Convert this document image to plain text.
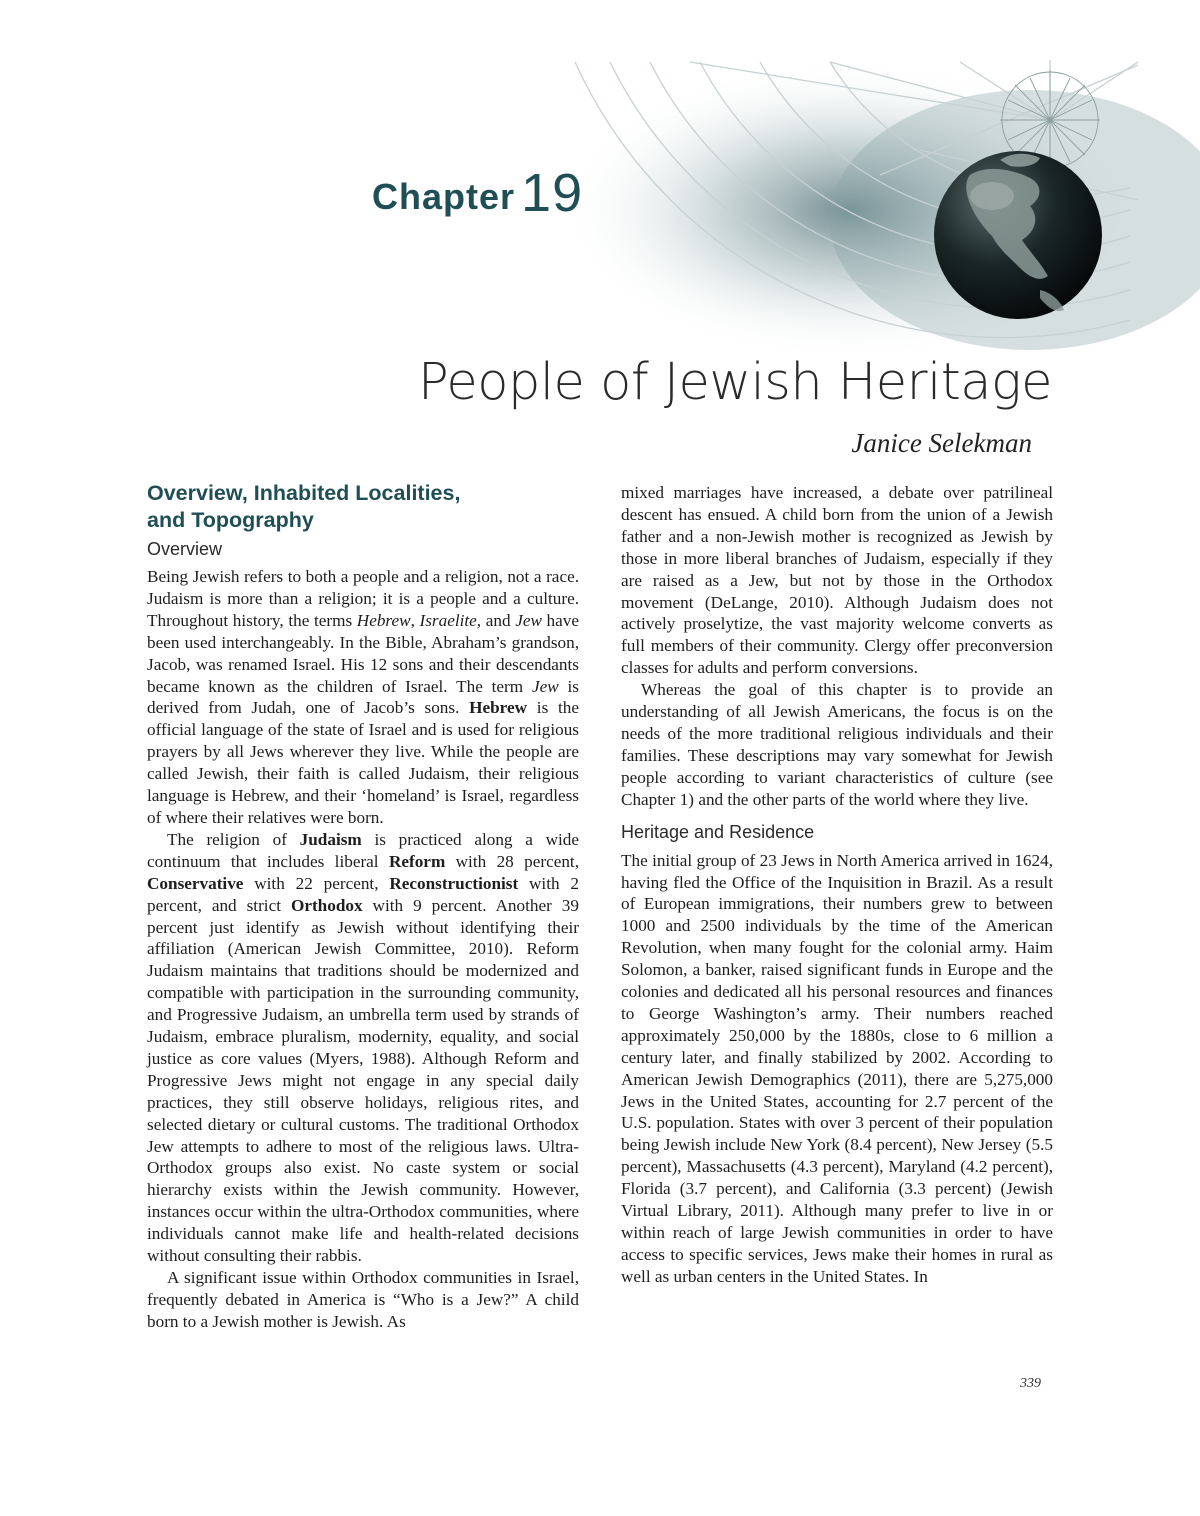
Chapter 19
People of Jewish Heritage
Janice Selekman
Overview, Inhabited Localities,
and Topography
Overview

Being Jewish refers to both a people and a religion, not a race. Judaism is more than a religion; it is a people and a culture. Throughout history, the terms Hebrew, Israelite, and Jew have been used interchangeably. In the Bible, Abraham’s grandson, Jacob, was renamed Israel. His 12 sons and their descendants became known as the children of Israel. The term Jew is derived from Judah, one of Jacob’s sons. Hebrew is the official language of the state of Israel and is used for religious prayers by all Jews wherever they live. While the people are called Jewish, their faith is called Judaism, their religious language is Hebrew, and their ‘homeland’ is Israel, regardless of where their relatives were born.

The religion of Judaism is practiced along a wide continuum that includes liberal Reform with 28 percent, Conservative with 22 percent, Reconstructionist with 2 percent, and strict Orthodox with 9 percent. Another 39 percent just identify as Jewish without identifying their affiliation (American Jewish Committee, 2010). Reform Judaism maintains that traditions should be modernized and compatible with participation in the surrounding community, and Progressive Judaism, an umbrella term used by strands of Judaism, embrace pluralism, modernity, equality, and social justice as core values (Myers, 1988). Although Reform and Progressive Jews might not engage in any special daily practices, they still observe holidays, religious rites, and selected dietary or cultural customs. The traditional Orthodox Jew attempts to adhere to most of the religious laws. Ultra-Orthodox groups also exist. No caste system or social hierarchy exists within the Jewish community. However, instances occur within the ultra-Orthodox communities, where individuals cannot make life and health-related decisions without consulting their rabbis.

A significant issue within Orthodox communities in Israel, frequently debated in America is “Who is a Jew?” A child born to a Jewish mother is Jewish. As

mixed marriages have increased, a debate over patrilineal descent has ensued. A child born from the union of a Jewish father and a non-Jewish mother is recognized as Jewish by those in more liberal branches of Judaism, especially if they are raised as a Jew, but not by those in the Orthodox movement (DeLange, 2010). Although Judaism does not actively proselytize, the vast majority welcome converts as full members of their community. Clergy offer preconversion classes for adults and perform conversions.

Whereas the goal of this chapter is to provide an understanding of all Jewish Americans, the focus is on the needs of the more traditional religious individuals and their families. These descriptions may vary somewhat for Jewish people according to variant characteristics of culture (see Chapter 1) and the other parts of the world where they live.

Heritage and Residence

The initial group of 23 Jews in North America arrived in 1624, having fled the Office of the Inquisition in Brazil. As a result of European immigrations, their numbers grew to between 1000 and 2500 individuals by the time of the American Revolution, when many fought for the colonial army. Haim Solomon, a banker, raised significant funds in Europe and the colonies and dedicated all his personal resources and finances to George Washington’s army. Their numbers reached approximately 250,000 by the 1880s, close to 6 million a century later, and finally stabilized by 2002. According to American Jewish Demographics (2011), there are 5,275,000 Jews in the United States, accounting for 2.7 percent of the U.S. population. States with over 3 percent of their population being Jewish include New York (8.4 percent), New Jersey (5.5 percent), Massachusetts (4.3 percent), Maryland (4.2 percent), Florida (3.7 percent), and California (3.3 percent) (Jewish Virtual Library, 2011). Although many prefer to live in or within reach of large Jewish communities in order to have access to specific services, Jews make their homes in rural as well as urban centers in the United States. In

339
